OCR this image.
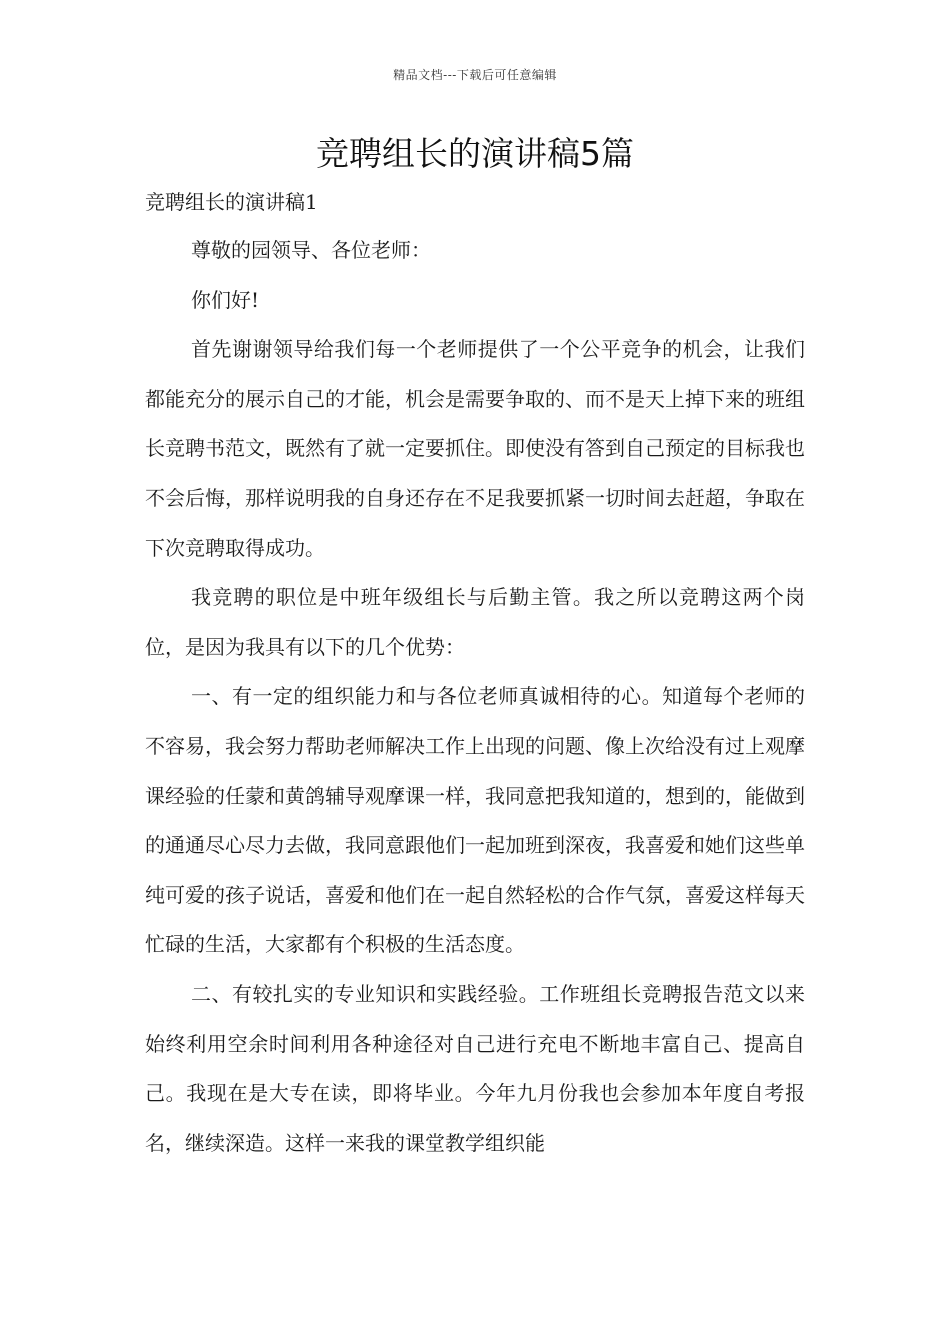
精品文档---下载后可任意编辑
竞聘组长的演讲稿5篇

竞聘组长的演讲稿1

尊敬的园领导、各位老师：

你们好!

首先谢谢领导给我们每一个老师提供了一个公平竞争的机会，让我们都能充分的展示自己的才能，机会是需要争取的、而不是天上掉下来的班组长竞聘书范文，既然有了就一定要抓住。即使没有答到自己预定的目标我也不会后悔，那样说明我的自身还存在不足我要抓紧一切时间去赶超，争取在下次竞聘取得成功。

我竞聘的职位是中班年级组长与后勤主管。我之所以竞聘这两个岗位，是因为我具有以下的几个优势：

一、有一定的组织能力和与各位老师真诚相待的心。知道每个老师的不容易，我会努力帮助老师解决工作上出现的问题、像上次给没有过上观摩课经验的任蒙和黄鸽辅导观摩课一样，我同意把我知道的，想到的，能做到的通通尽心尽力去做，我同意跟他们一起加班到深夜，我喜爱和她们这些单纯可爱的孩子说话，喜爱和他们在一起自然轻松的合作气氛，喜爱这样每天忙碌的生活，大家都有个积极的生活态度。

二、有较扎实的专业知识和实践经验。工作班组长竞聘报告范文以来始终利用空余时间利用各种途径对自己进行充电不断地丰富自己、提高自己。我现在是大专在读，即将毕业。今年九月份我也会参加本年度自考报名，继续深造。这样一来我的课堂教学组织能
